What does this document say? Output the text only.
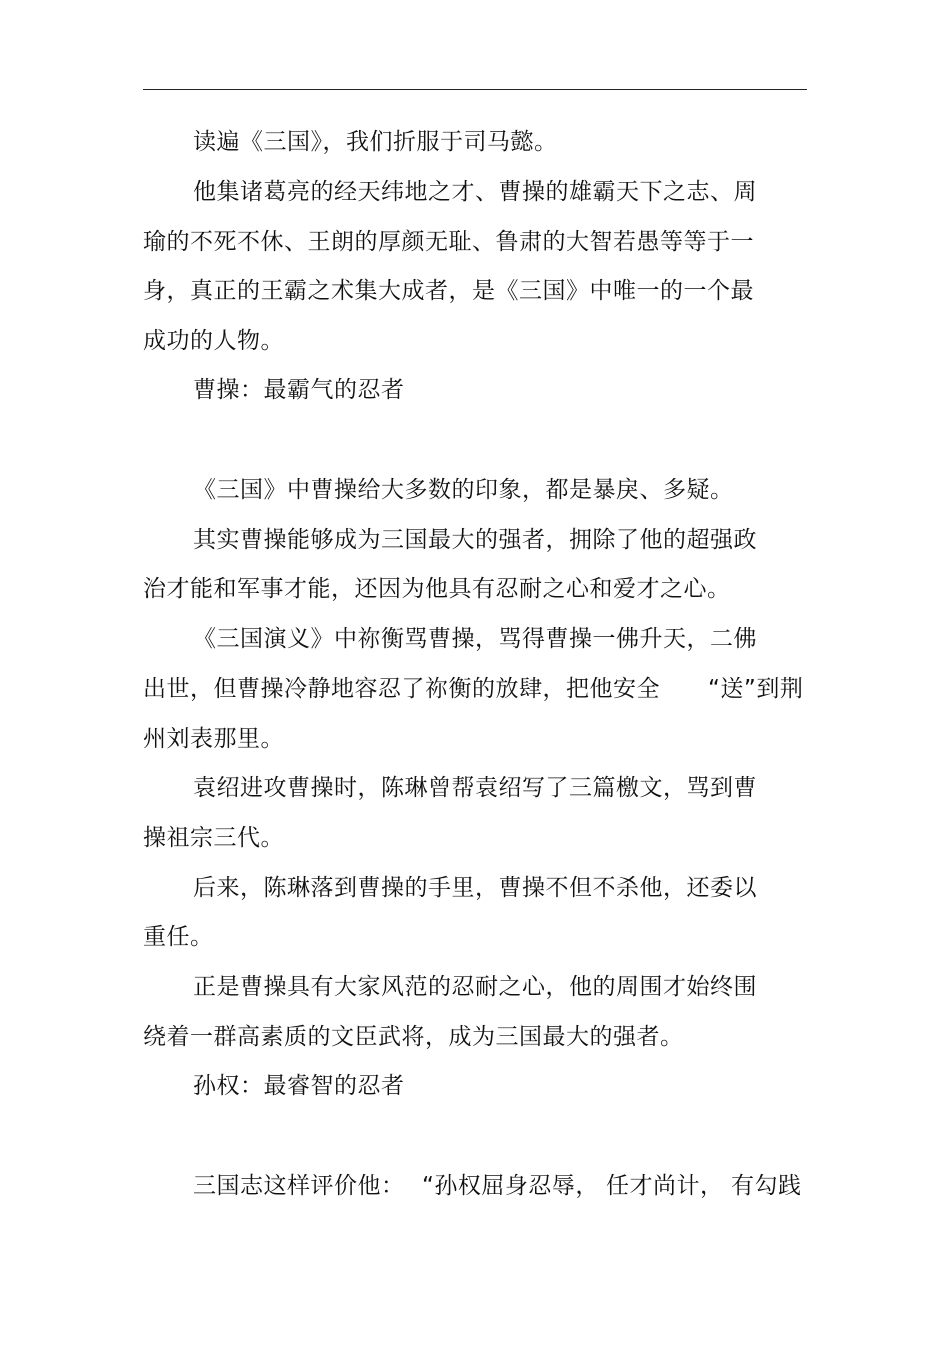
读遍《三国》，我们折服于司马懿。
他集诸葛亮的经天纬地之才、曹操的雄霸天下之志、周
瑜的不死不休、王朗的厚颜无耻、鲁肃的大智若愚等等于一
身，真正的王霸之术集大成者，是《三国》中唯一的一个最
成功的人物。
曹操：最霸气的忍者
《三国》中曹操给大多数的印象，都是暴戾、多疑。
其实曹操能够成为三国最大的强者，拥除了他的超强政
治才能和军事才能，还因为他具有忍耐之心和爱才之心。
《三国演义》中祢衡骂曹操，骂得曹操一佛升天，二佛
出世，但曹操冷静地容忍了祢衡的放肆，把他安全 “送”到荆
州刘表那里。
袁绍进攻曹操时，陈琳曾帮袁绍写了三篇檄文，骂到曹
操祖宗三代。
后来，陈琳落到曹操的手里，曹操不但不杀他，还委以
重任。
正是曹操具有大家风范的忍耐之心，他的周围才始终围
绕着一群高素质的文臣武将，成为三国最大的强者。
孙权：最睿智的忍者
三国志这样评价他： “孙权屈身忍辱， 任才尚计， 有勾践
